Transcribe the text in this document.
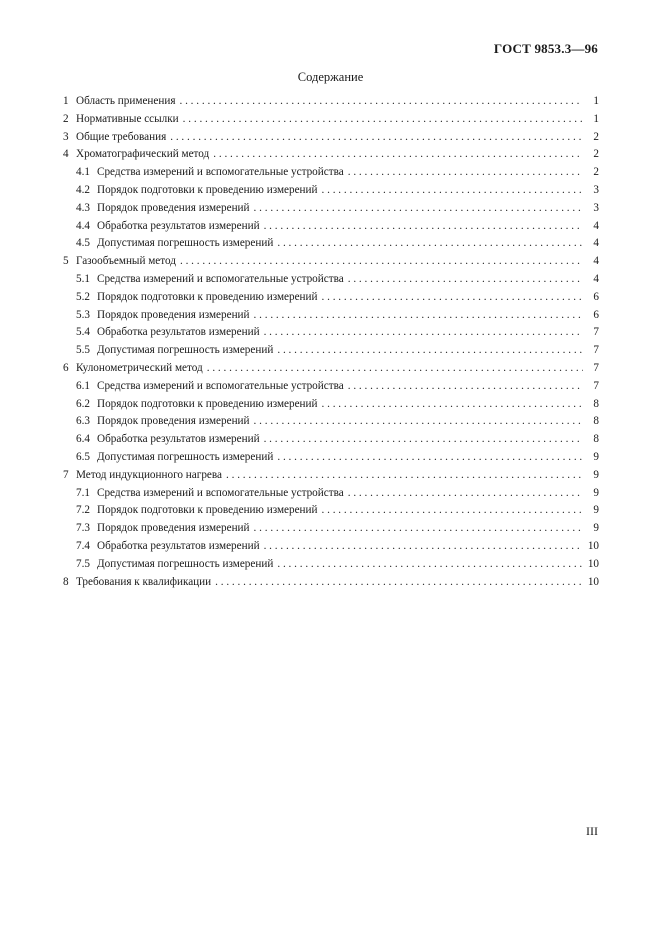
ГОСТ 9853.3—96
Содержание
1 Область применения . . .	1
2 Нормативные ссылки . . .	1
3 Общие требования . . .	2
4 Хроматографический метод . . .	2
4.1 Средства измерений и вспомогательные устройства . . .	2
4.2 Порядок подготовки к проведению измерений . . .	3
4.3 Порядок проведения измерений . . .	3
4.4 Обработка результатов измерений . . .	4
4.5 Допустимая погрешность измерений . . .	4
5 Газообъемный метод . . .	4
5.1 Средства измерений и вспомогательные устройства . . .	4
5.2 Порядок подготовки к проведению измерений . . .	6
5.3 Порядок проведения измерений . . .	6
5.4 Обработка результатов измерений . . .	7
5.5 Допустимая погрешность измерений . . .	7
6 Кулонометрический метод . . .	7
6.1 Средства измерений и вспомогательные устройства . . .	7
6.2 Порядок подготовки к проведению измерений . . .	8
6.3 Порядок проведения измерений . . .	8
6.4 Обработка результатов измерений . . .	8
6.5 Допустимая погрешность измерений . . .	9
7 Метод индукционного нагрева . . .	9
7.1 Средства измерений и вспомогательные устройства . . .	9
7.2 Порядок подготовки к проведению измерений . . .	9
7.3 Порядок проведения измерений . . .	9
7.4 Обработка результатов измерений . . .	10
7.5 Допустимая погрешность измерений . . .	10
8 Требования к квалификации . . .	10
III
